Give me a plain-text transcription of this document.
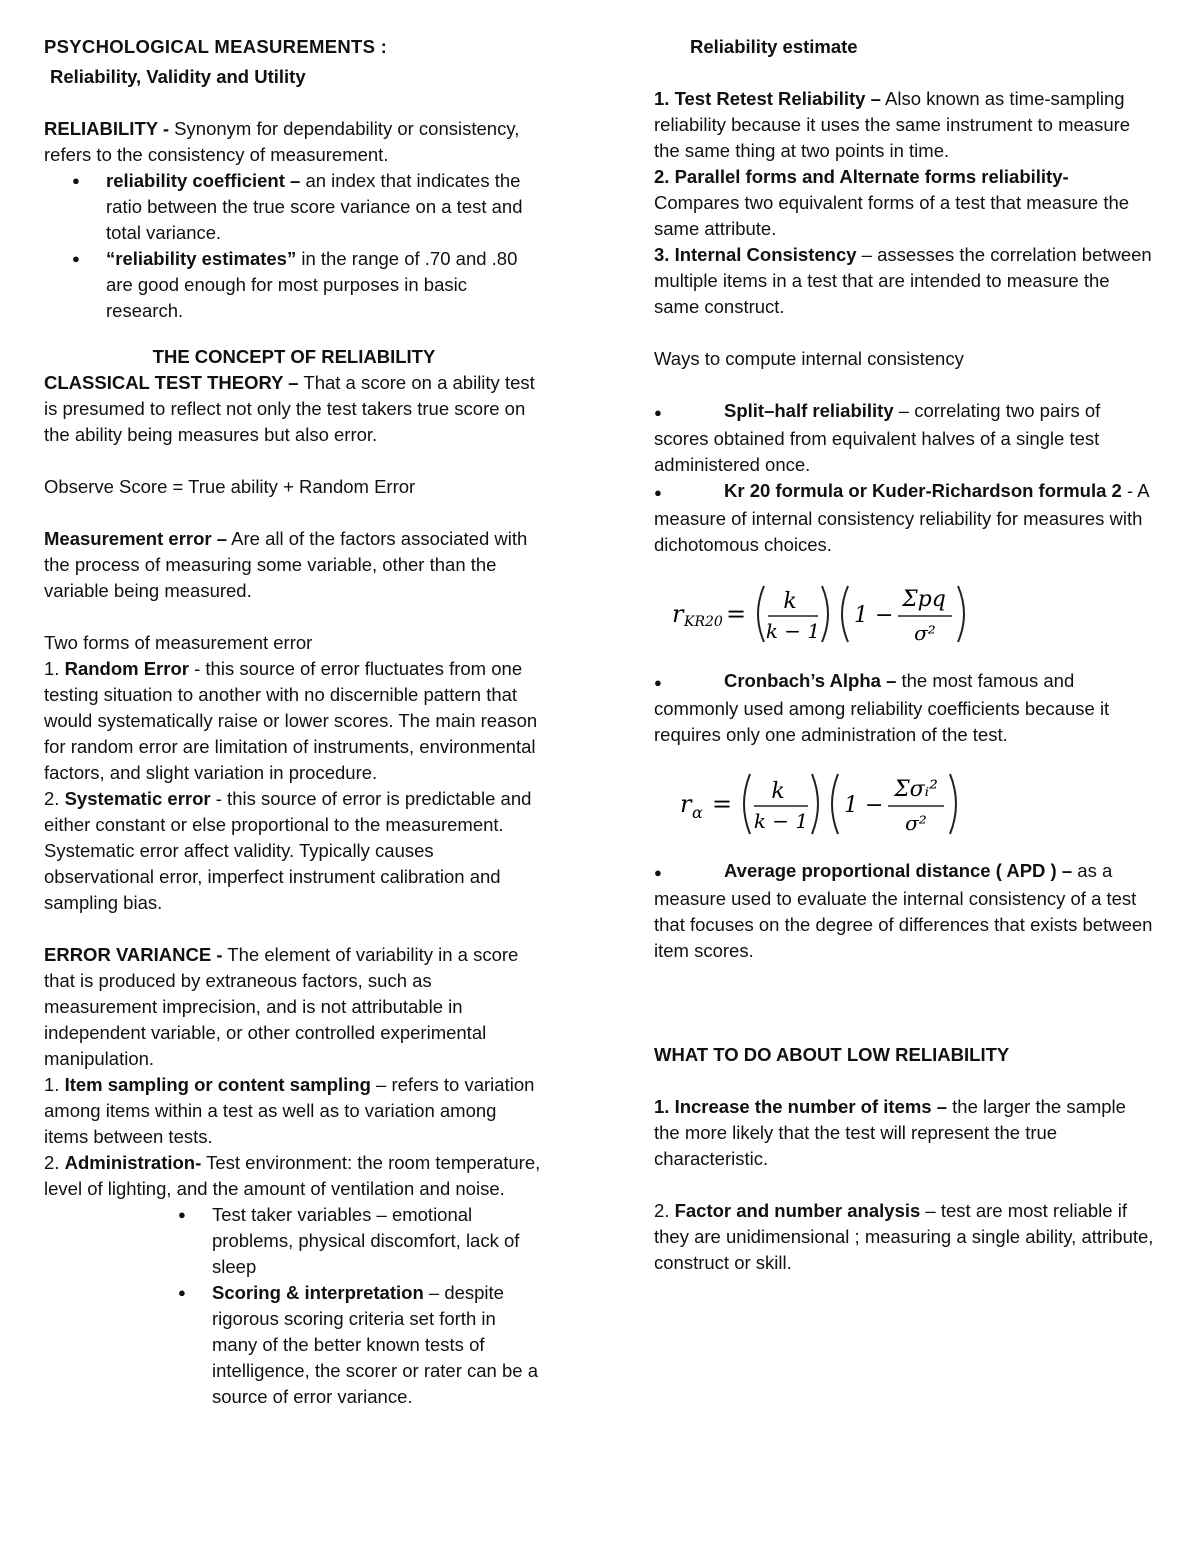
PSYCHOLOGICAL MEASUREMENTS :

Reliability, Validity and Utility

RELIABILITY - Synonym for dependability or consistency, refers to the consistency of measurement.

● reliability coefficient – an index that indicates the ratio between the true score variance on a test and total variance.
● “reliability estimates” in the range of .70 and .80 are good enough for most purposes in basic research.

THE CONCEPT OF RELIABILITY

CLASSICAL TEST THEORY – That a score on a ability test is presumed to reflect not only the test takers true score on the ability being measures but also error.

Observe Score = True ability + Random Error

Measurement error – Are all of the factors associated with the process of measuring some variable, other than the variable being measured.

Two forms of measurement error

1. Random Error - this source of error fluctuates from one testing situation to another with no discernible pattern that would systematically raise or lower scores. The main reason for random error are limitation of instruments, environmental factors, and slight variation in procedure.

2. Systematic error - this source of error is predictable and either constant or else proportional to the measurement. Systematic error affect validity. Typically causes observational error, imperfect instrument calibration and sampling bias.

ERROR VARIANCE - The element of variability in a score that is produced by extraneous factors, such as measurement imprecision, and is not attributable in independent variable, or other controlled experimental manipulation.

1. Item sampling or content sampling – refers to variation among items within a test as well as to variation among items between tests.

2. Administration- Test environment: the room temperature, level of lighting, and the amount of ventilation and noise.

● Test taker variables – emotional problems, physical discomfort, lack of sleep
● Scoring & interpretation – despite rigorous scoring criteria set forth in many of the better known tests of intelligence, the scorer or rater can be a source of error variance.

Reliability estimate

1. Test Retest Reliability – Also known as time-sampling reliability because it uses the same instrument to measure the same thing at two points in time.

2. Parallel forms and Alternate forms reliability- Compares two equivalent forms of a test that measure the same attribute.

3. Internal Consistency – assesses the correlation between multiple items in a test that are intended to measure the same construct.

Ways to compute internal consistency

●	Split–half reliability – correlating two pairs of scores obtained from equivalent halves of a single test administered once.

●	Kr 20 formula or Kuder-Richardson formula 2 - A measure of internal consistency reliability for measures with dichotomous choices.

r KR20 = k
k − 1
1 −
Σpq
σ²

●	Cronbach’s Alpha – the most famous and commonly used among reliability coefficients because it requires only one administration of the test.

r α = k
k − 1
1 −
Σσᵢ²
σ²

●	Average proportional distance ( APD ) – as a measure used to evaluate the internal consistency of a test that focuses on the degree of differences that exists between item scores.

WHAT TO DO ABOUT LOW RELIABILITY

1. Increase the number of items – the larger the sample the more likely that the test will represent the true characteristic.

2. Factor and number analysis – test are most reliable if they are unidimensional ; measuring a single ability, attribute, construct or skill.
